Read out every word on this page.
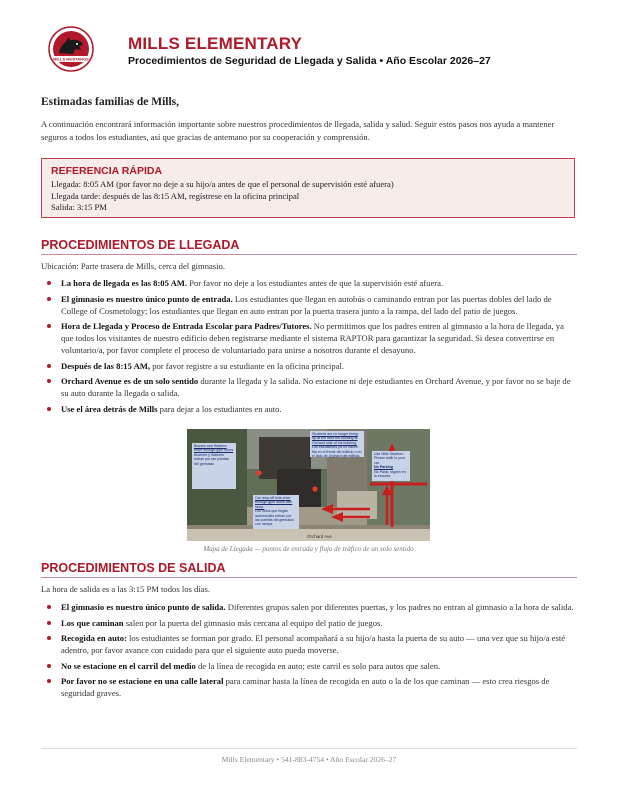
MILLS MUSTANGS
MILLS ELEMENTARY
Procedimientos de Seguridad de Llegada y Salida • Año Escolar 2026–27
Estimadas familias de Mills,
A continuación encontrará información importante sobre nuestros procedimientos de llegada, salida y salud. Seguir estos pasos nos ayuda a mantener seguros a todos los estudiantes, así que gracias de antemano por su cooperación y comprensión.
REFERENCIA RÁPIDA
Llegada: 8:05 AM (por favor no deje a su hijo/a antes de que el personal de supervisión esté afuera)
Llegada tarde: después de las 8:15 AM, regístrese en la oficina principal
Salida: 3:15 PM
PROCEDIMIENTOS DE LLEGADA
Ubicación: Parte trasera de Mills, cerca del gimnasio.
La hora de llegada es las 8:05 AM. Por favor no deje a los estudiantes antes de que la supervisión esté afuera.
El gimnasio es nuestro único punto de entrada. Los estudiantes que llegan en autobús o caminando entran por las puertas dobles del lado de College of Cosmetology; los estudiantes que llegan en auto entran por la puerta trasera junto a la rampa, del lado del patio de juegos.
Hora de Llegada y Proceso de Entrada Escolar para Padres/Tutores. No permitimos que los padres entren al gimnasio a la hora de llegada, ya que todos los visitantes de nuestro edificio deben registrarse mediante el sistema RAPTOR para garantizar la seguridad. Si desea convertirse en voluntario/a, por favor complete el proceso de voluntariado para unirse a nosotros durante el desayuno.
Después de las 8:15 AM, por favor registre a su estudiante en la oficina principal.
Orchard Avenue es de un solo sentido durante la llegada y la salida. No estacione ni deje estudiantes en Orchard Avenue, y por favor no se baje de su auto durante la llegada o salida.
Use el área detrás de Mills para dejar a los estudiantes en auto.
Orchard Ave
Busses and Walkers enter through gym doors
Buseers y Walkers entran por las puertas del gimnasio
Students are no longer lining up at the front the building at Orchard side of the building.
Los estudiantes ya no hacen fila en el frente del edificio o en el lado de Orchard del edificio.
Use Mills Stadium. Please walk to your car.
No Parking
No Parar, siguen en la escuela
Car drop-off kids enter through gym doors with ramp.
Los niños que llegan automóviles entran por las puertas del gimnasio con rampa.
Mapa de Llegada — puntos de entrada y flujo de tráfico de un solo sentido
PROCEDIMIENTOS DE SALIDA
La hora de salida es a las 3:15 PM todos los días.
El gimnasio es nuestro único punto de salida. Diferentes grupos salen por diferentes puertas, y los padres no entran al gimnasio a la hora de salida.
Los que caminan salen por la puerta del gimnasio más cercana al equipo del patio de juegos.
Recogida en auto: los estudiantes se forman por grado. El personal acompañará a su hijo/a hasta la puerta de su auto — una vez que su hijo/a esté adentro, por favor avance con cuidado para que el siguiente auto pueda moverse.
No se estacione en el carril del medio de la línea de recogida en auto; este carril es solo para autos que salen.
Por favor no se estacione en una calle lateral para caminar hasta la línea de recogida en auto o la de los que caminan — esto crea riesgos de seguridad graves.
Mills Elementary • 541-883-4754 • Año Escolar 2026–27
